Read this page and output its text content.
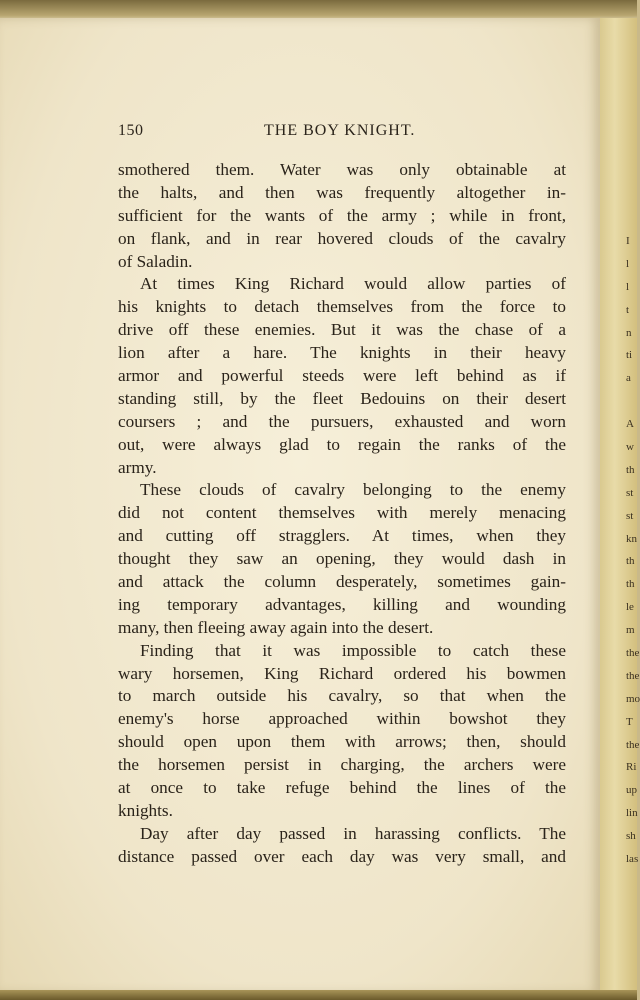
150	THE BOY KNIGHT.
smothered them. Water was only obtainable at
the halts, and then was frequently altogether in-
sufficient for the wants of the army ; while in front,
on flank, and in rear hovered clouds of the cavalry
of Saladin.
At times King Richard would allow parties of
his knights to detach themselves from the force to
drive off these enemies. But it was the chase of a
lion after a hare. The knights in their heavy
armor and powerful steeds were left behind as if
standing still, by the fleet Bedouins on their desert
coursers ; and the pursuers, exhausted and worn
out, were always glad to regain the ranks of the
army.
These clouds of cavalry belonging to the enemy
did not content themselves with merely menacing
and cutting off stragglers. At times, when they
thought they saw an opening, they would dash in
and attack the column desperately, sometimes gain-
ing temporary advantages, killing and wounding
many, then fleeing away again into the desert.
Finding that it was impossible to catch these
wary horsemen, King Richard ordered his bowmen
to march outside his cavalry, so that when the
enemy's horse approached within bowshot they
should open upon them with arrows; then, should
the horsemen persist in charging, the archers were
at once to take refuge behind the lines of the
knights.
Day after day passed in harassing conflicts. The
distance passed over each day was very small, and
I
l
l
t
n
ti
a
A
w
th
st
st
kn
th
th
le
m
the
the
mo
T
the
Ri
up
lin
sh
las
